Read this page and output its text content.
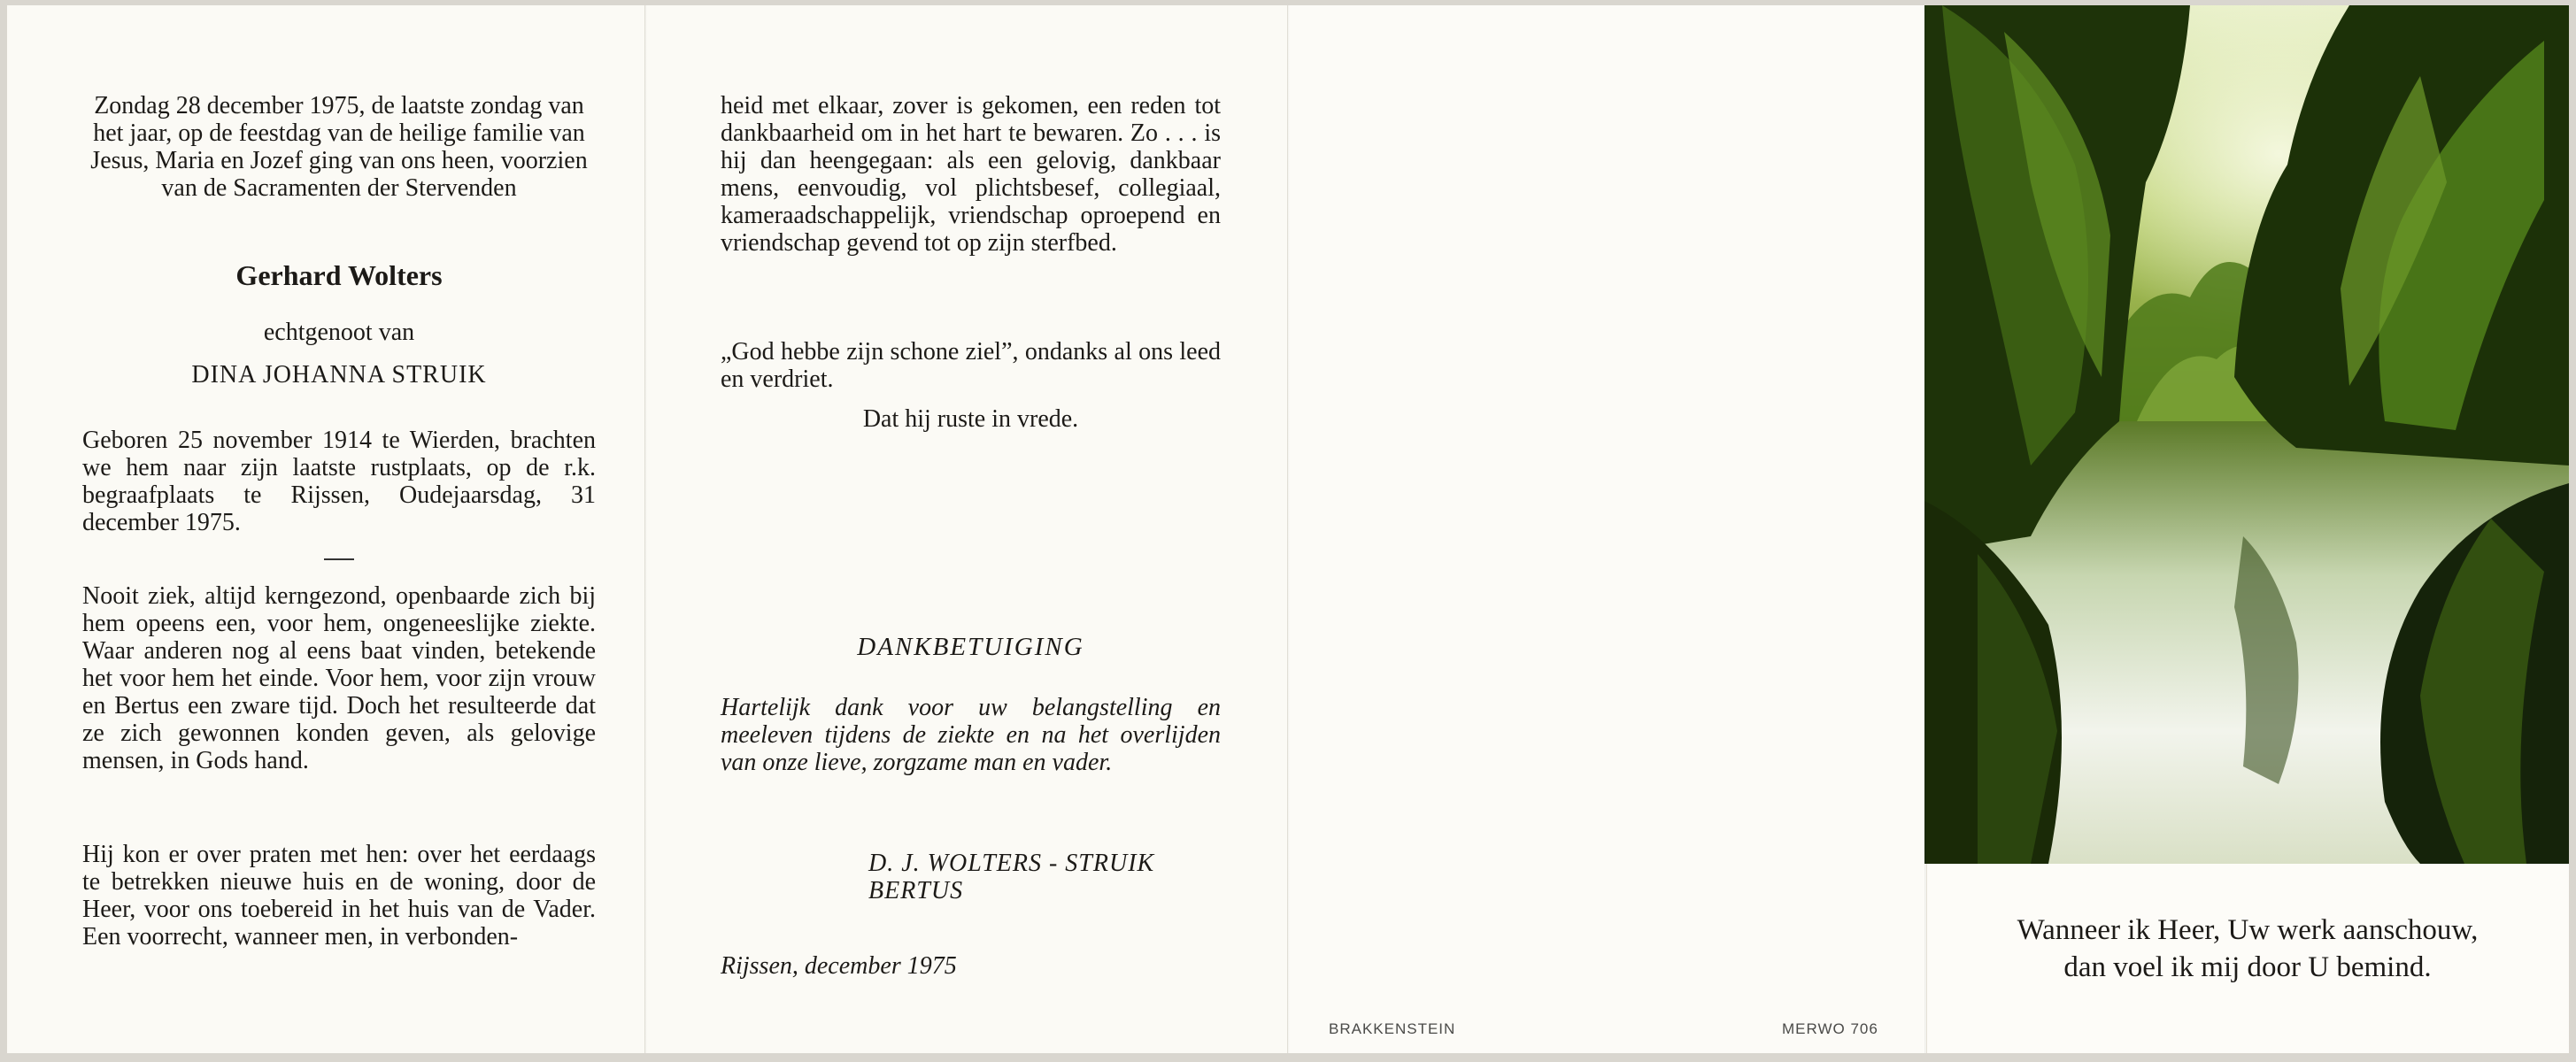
Zondag 28 december 1975, de laatste zondag van het jaar, op de feestdag van de heilige familie van Jesus, Maria en Jozef ging van ons heen, voorzien van de Sacramenten der Stervenden
Gerhard Wolters
echtgenoot van
DINA JOHANNA STRUIK
Geboren 25 november 1914 te Wierden, brachten we hem naar zijn laatste rustplaats, op de r.k. begraafplaats te Rijssen, Oudejaarsdag, 31 december 1975.
Nooit ziek, altijd kerngezond, openbaarde zich bij hem opeens een, voor hem, ongeneeslijke ziekte. Waar anderen nog al eens baat vinden, betekende het voor hem het einde. Voor hem, voor zijn vrouw en Bertus een zware tijd. Doch het resulteerde dat ze zich gewonnen konden geven, als gelovige mensen, in Gods hand.
Hij kon er over praten met hen: over het eerdaags te betrekken nieuwe huis en de woning, door de Heer, voor ons toebereid in het huis van de Vader. Een voorrecht, wanneer men, in verbonden-
heid met elkaar, zover is gekomen, een reden tot dankbaarheid om in het hart te bewaren. Zo . . . is hij dan heengegaan: als een gelovig, dankbaar mens, eenvoudig, vol plichtsbesef, collegiaal, kameraadschappelijk, vriendschap oproepend en vriendschap gevend tot op zijn sterfbed.
„God hebbe zijn schone ziel”, ondanks al ons leed en verdriet.
Dat hij ruste in vrede.
DANKBETUIGING
Hartelijk dank voor uw belangstelling en meeleven tijdens de ziekte en na het overlijden van onze lieve, zorgzame man en vader.
D. J. WOLTERS - STRUIK
BERTUS
Rijssen, december 1975
BRAKKENSTEIN	MERWO 706
Wanneer ik Heer, Uw werk aanschouw,
dan voel ik mij door U bemind.
